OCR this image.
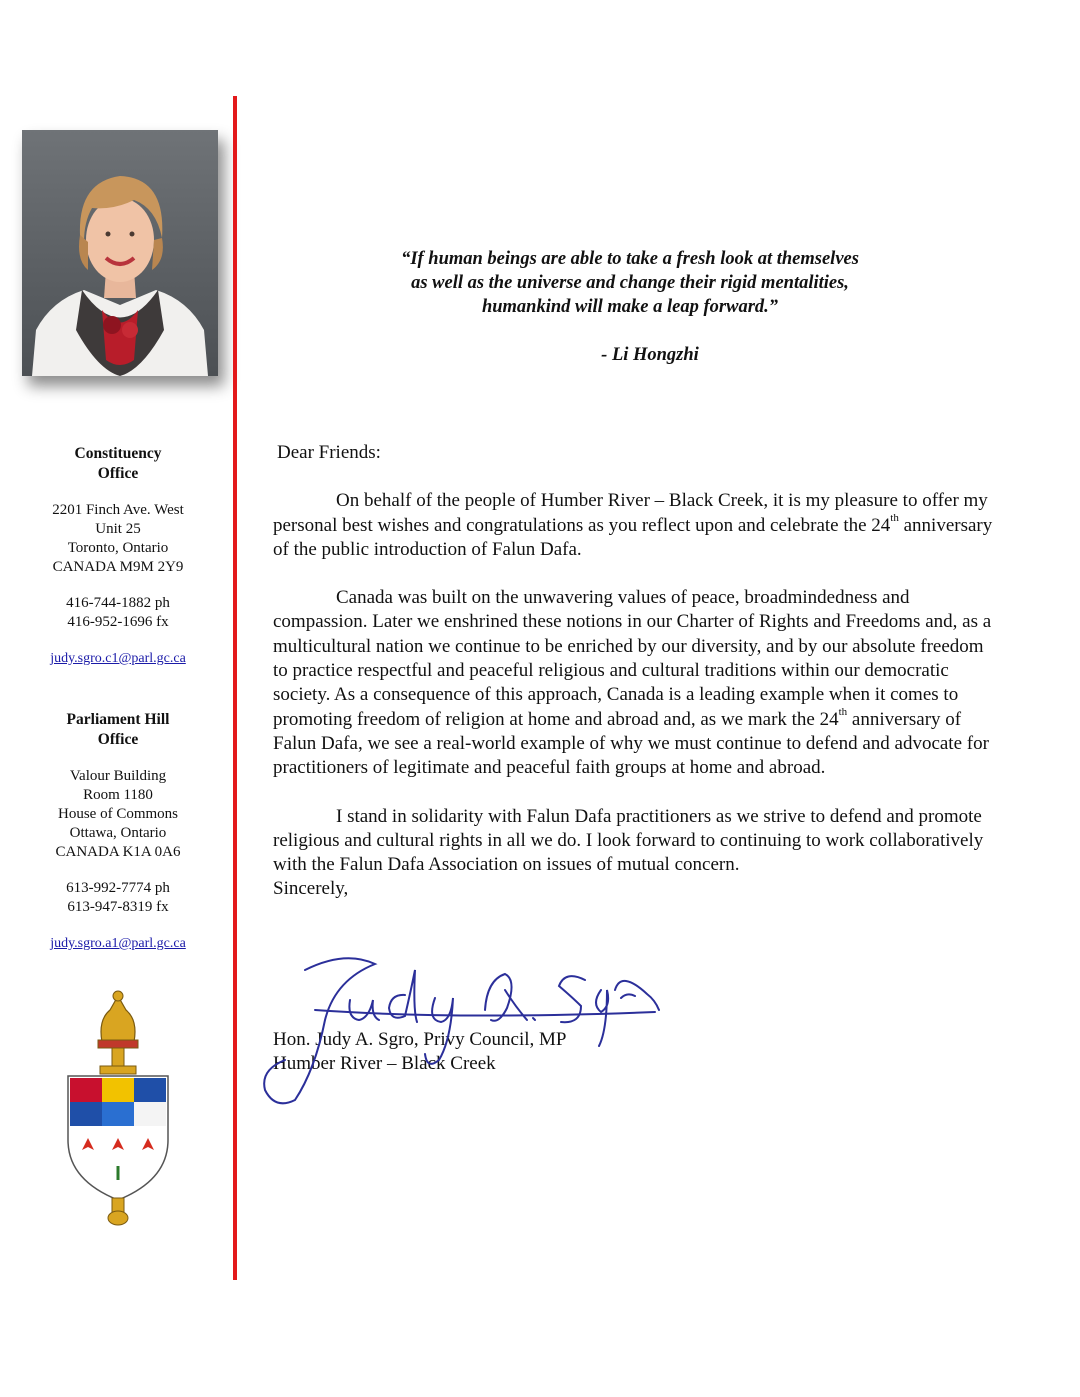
Constituency
Office
2201 Finch Ave. West
Unit 25
Toronto, Ontario
CANADA M9M 2Y9
416-744-1882 ph
416-952-1696 fx
judy.sgro.c1@parl.gc.ca
Parliament Hill
Office
Valour Building
Room 1180
House of Commons
Ottawa, Ontario
CANADA K1A 0A6
613-992-7774 ph
613-947-8319 fx
judy.sgro.a1@parl.gc.ca
“If human beings are able to take a fresh look at themselves
as well as the universe and change their rigid mentalities,
humankind will make a leap forward.”
- Li Hongzhi

Dear Friends:

On behalf of the people of Humber River – Black Creek, it is my pleasure to offer my personal best wishes and congratulations as you reflect upon and celebrate the 24th anniversary of the public introduction of Falun Dafa.

Canada was built on the unwavering values of peace, broadmindedness and compassion. Later we enshrined these notions in our Charter of Rights and Freedoms and, as a multicultural nation we continue to be enriched by our diversity, and by our absolute freedom to practice respectful and peaceful religious and cultural traditions within our democratic society. As a consequence of this approach, Canada is a leading example when it comes to promoting freedom of religion at home and abroad and, as we mark the 24th anniversary of Falun Dafa, we see a real-world example of why we must continue to defend and advocate for practitioners of legitimate and peaceful faith groups at home and abroad.

I stand in solidarity with Falun Dafa practitioners as we strive to defend and promote religious and cultural rights in all we do. I look forward to continuing to work collaboratively with the Falun Dafa Association on issues of mutual concern.

Sincerely,

Hon. Judy A. Sgro, Privy Council, MP
Humber River – Black Creek
